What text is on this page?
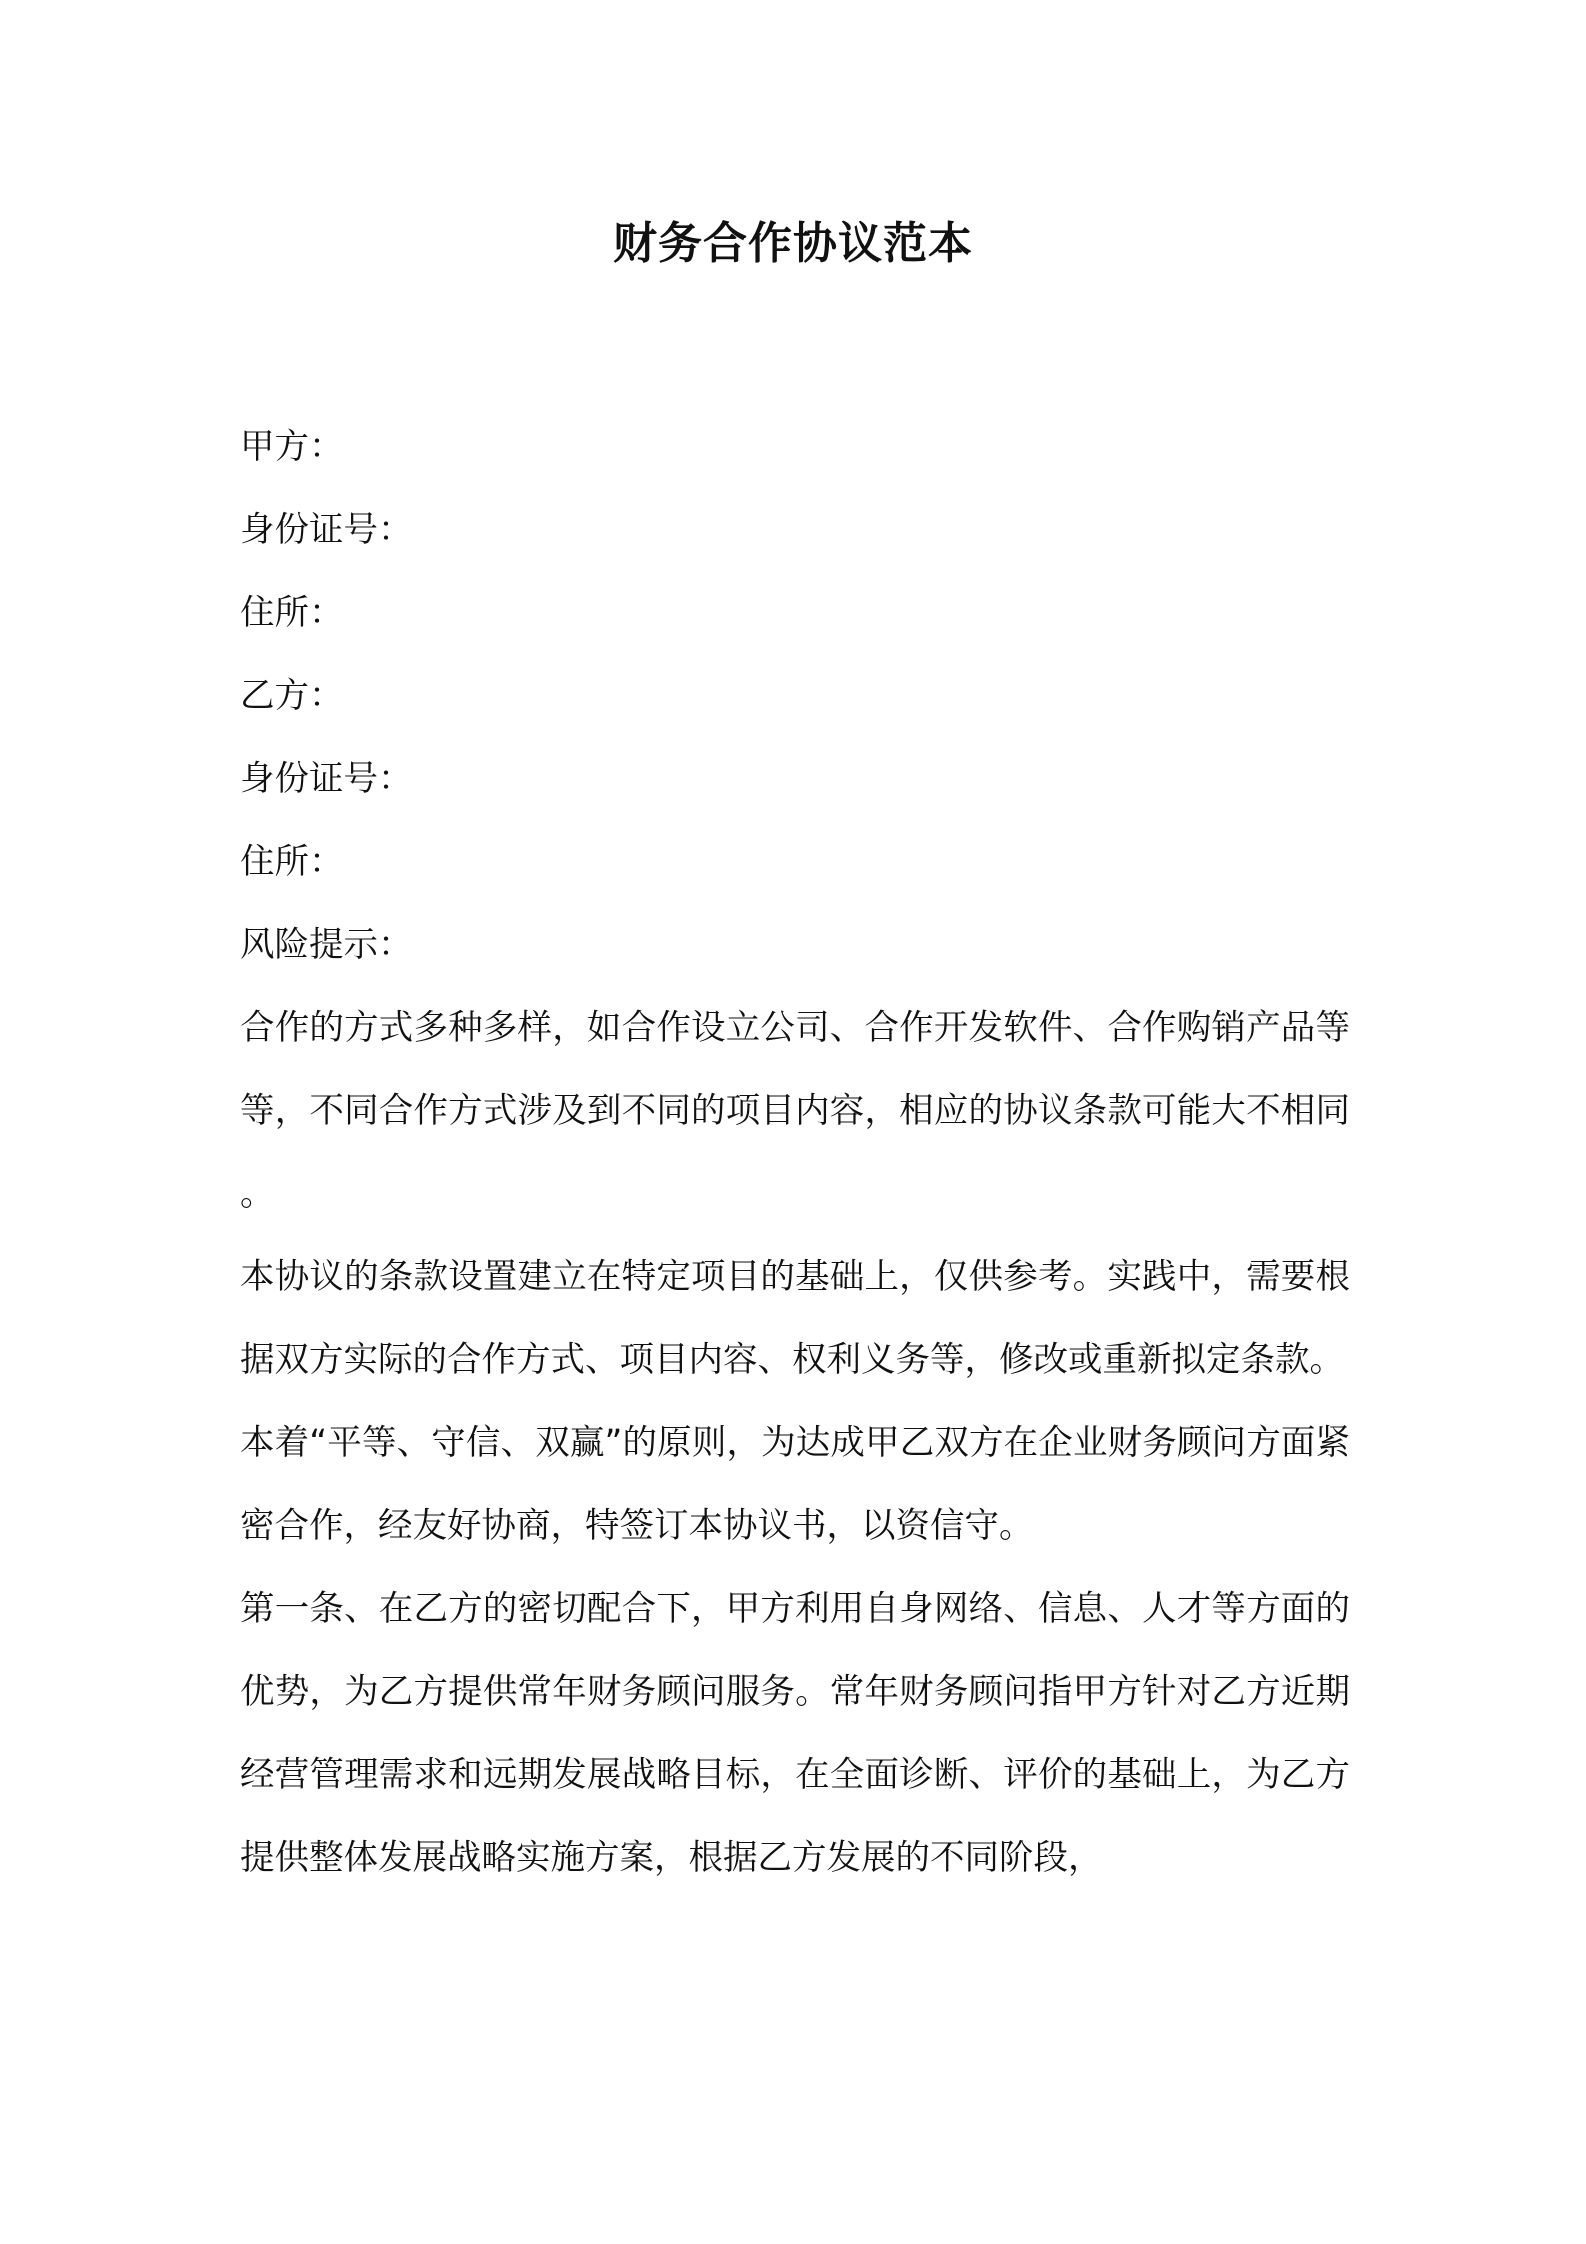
财务合作协议范本
甲方：
身份证号：
住所：
乙方：
身份证号：
住所：
风险提示：

合作的方式多种多样，如合作设立公司、合作开发软件、合作购销产品等等，不同合作方式涉及到不同的项目内容，相应的协议条款可能大不相同。

本协议的条款设置建立在特定项目的基础上，仅供参考。实践中，需要根据双方实际的合作方式、项目内容、权利义务等，修改或重新拟定条款。

本着“平等、守信、双赢”的原则，为达成甲乙双方在企业财务顾问方面紧密合作，经友好协商，特签订本协议书，以资信守。

第一条、在乙方的密切配合下，甲方利用自身网络、信息、人才等方面的优势，为乙方提供常年财务顾问服务。常年财务顾问指甲方针对乙方近期经营管理需求和远期发展战略目标，在全面诊断、评价的基础上，为乙方提供整体发展战略实施方案，根据乙方发展的不同阶段，
